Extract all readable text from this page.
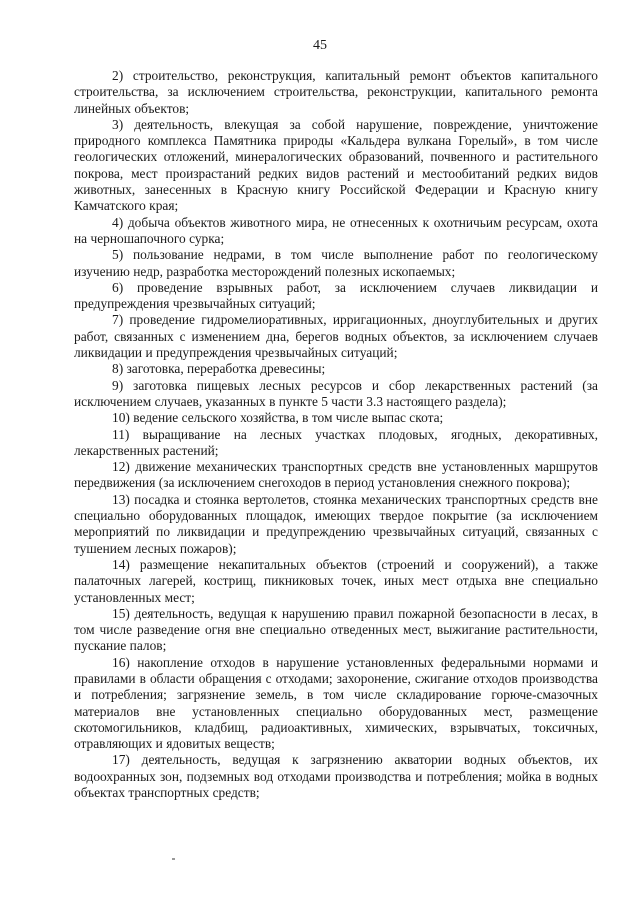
45

2) строительство, реконструкция, капитальный ремонт объектов капитального строительства, за исключением строительства, реконструкции, капитального ремонта линейных объектов;

3) деятельность, влекущая за собой нарушение, повреждение, уничтожение природного комплекса Памятника природы «Кальдера вулкана Горелый», в том числе геологических отложений, минералогических образований, почвенного и растительного покрова, мест произрастаний редких видов растений и местообитаний редких видов животных, занесенных в Красную книгу Российской Федерации и Красную книгу Камчатского края;

4) добыча объектов животного мира, не отнесенных к охотничьим ресурсам, охота на черношапочного сурка;

5) пользование недрами, в том числе выполнение работ по геологическому изучению недр, разработка месторождений полезных ископаемых;

6) проведение взрывных работ, за исключением случаев ликвидации и предупреждения чрезвычайных ситуаций;

7) проведение гидромелиоративных, ирригационных, дноуглубительных и других работ, связанных с изменением дна, берегов водных объектов, за исключением случаев ликвидации и предупреждения чрезвычайных ситуаций;

8) заготовка, переработка древесины;

9) заготовка пищевых лесных ресурсов и сбор лекарственных растений (за исключением случаев, указанных в пункте 5 части 3.3 настоящего раздела);

10) ведение сельского хозяйства, в том числе выпас скота;

11) выращивание на лесных участках плодовых, ягодных, декоративных, лекарственных растений;

12) движение механических транспортных средств вне установленных маршрутов передвижения (за исключением снегоходов в период установления снежного покрова);

13) посадка и стоянка вертолетов, стоянка механических транспортных средств вне специально оборудованных площадок, имеющих твердое покрытие (за исключением мероприятий по ликвидации и предупреждению чрезвычайных ситуаций, связанных с тушением лесных пожаров);

14) размещение некапитальных объектов (строений и сооружений), а также палаточных лагерей, кострищ, пикниковых точек, иных мест отдыха вне специально установленных мест;

15) деятельность, ведущая к нарушению правил пожарной безопасности в лесах, в том числе разведение огня вне специально отведенных мест, выжигание растительности, пускание палов;

16) накопление отходов в нарушение установленных федеральными нормами и правилами в области обращения с отходами; захоронение, сжигание отходов производства и потребления; загрязнение земель, в том числе складирование горюче-смазочных материалов вне установленных специально оборудованных мест, размещение скотомогильников, кладбищ, радиоактивных, химических, взрывчатых, токсичных, отравляющих и ядовитых веществ;

17) деятельность, ведущая к загрязнению акватории водных объектов, их водоохранных зон, подземных вод отходами производства и потребления; мойка в водных объектах транспортных средств;
